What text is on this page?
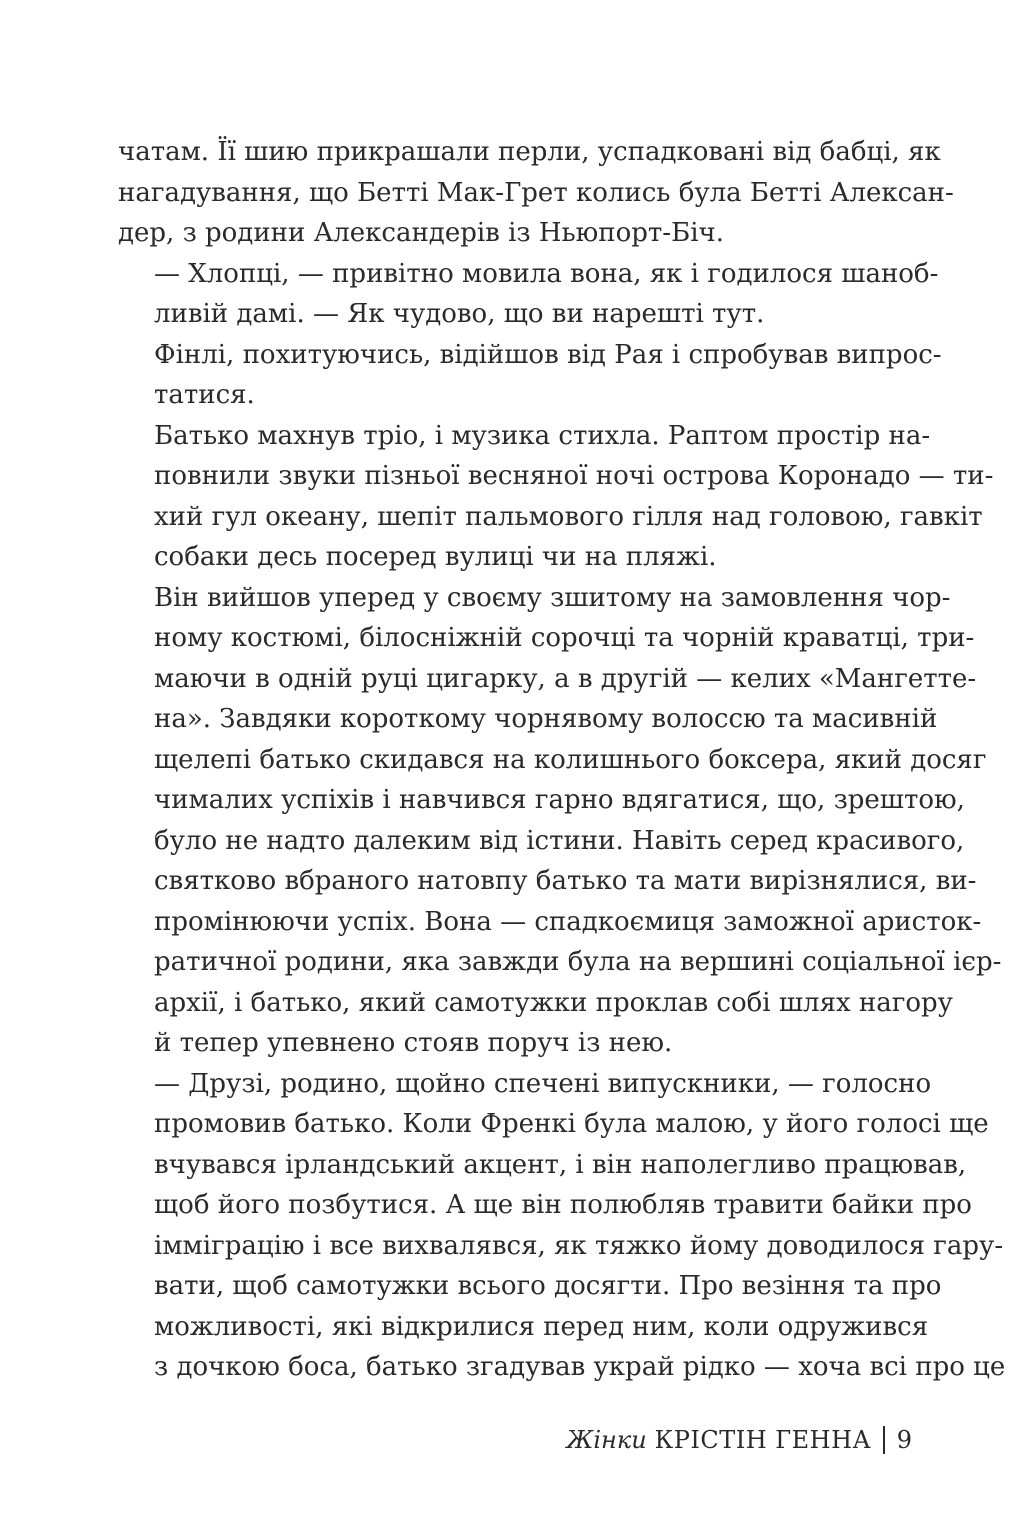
чатам. Її шию прикрашали перли, успадковані від бабці, як
нагадування, що Бетті Мак-Грет колись була Бетті Алексан-
дер, з родини Александерів із Ньюпорт-Біч.

— Хлопці, — привітно мовила вона, як і годилося шаноб-
ливій дамі. — Як чудово, що ви нарешті тут.

Фінлі, похитуючись, відійшов від Рая і спробував випрос-
татися.

Батько махнув тріо, і музика стихла. Раптом простір на-
повнили звуки пізньої весняної ночі острова Коронадо — ти-
хий гул океану, шепіт пальмового гілля над головою, гавкіт
собаки десь посеред вулиці чи на пляжі.

Він вийшов уперед у своєму зшитому на замовлення чор-
ному костюмі, білосніжній сорочці та чорній краватці, три-
маючи в одній руці цигарку, а в другій — келих «Мангетте-
на». Завдяки короткому чорнявому волоссю та масивній
щелепі батько скидався на колишнього боксера, який досяг
чималих успіхів і навчився гарно вдягатися, що, зрештою,
було не надто далеким від істини. Навіть серед красивого,
святково вбраного натовпу батько та мати вирізнялися, ви-
промінюючи успіх. Вона — спадкоємиця заможної аристок-
ратичної родини, яка завжди була на вершині соціальної ієр-
архії, і батько, який самотужки проклав собі шлях нагору
й тепер упевнено стояв поруч із нею.

— Друзі, родино, щойно спечені випускники, — голосно
промовив батько. Коли Френкі була малою, у його голосі ще
вчувався ірландський акцент, і він наполегливо працював,
щоб його позбутися. А ще він полюбляв травити байки про
імміграцію і все вихвалявся, як тяжко йому доводилося гару-
вати, щоб самотужки всього досягти. Про везіння та про
можливості, які відкрилися перед ним, коли одружився
з дочкою боса, батько згадував украй рідко — хоча всі про це

Жінки КРІСТІН ГЕННА 9
